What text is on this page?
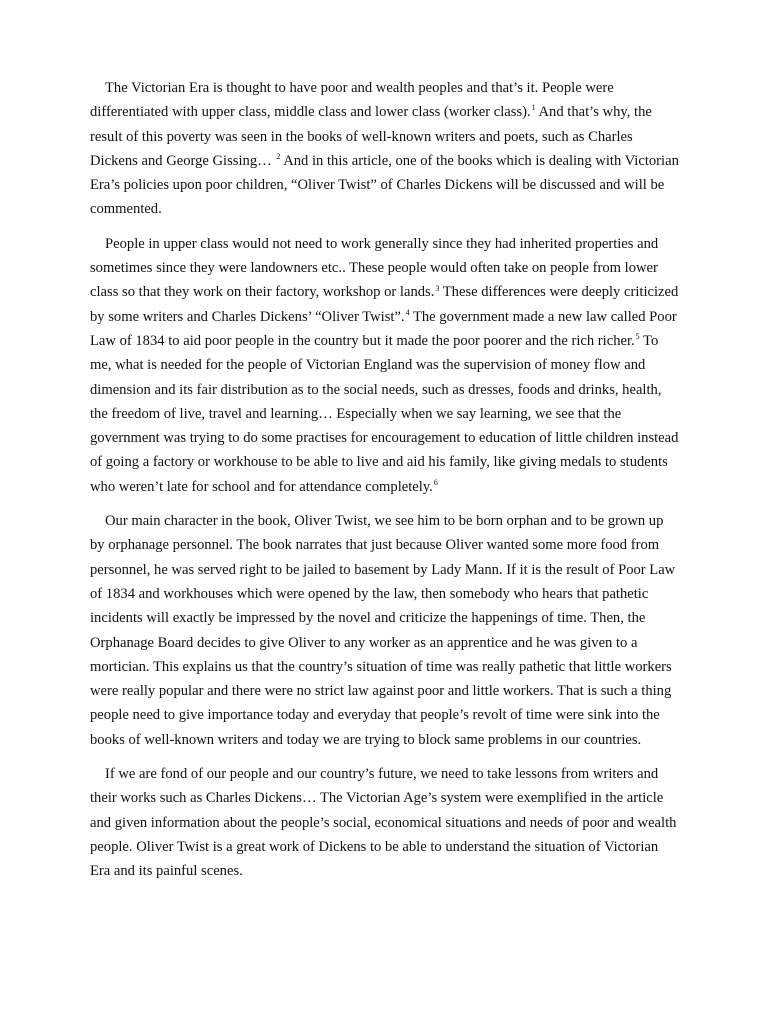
The Victorian Era is thought to have poor and wealth peoples and that’s it. People were differentiated with upper class, middle class and lower class (worker class).$^1$ And that’s why, the result of this poverty was seen in the books of well-known writers and poets, such as Charles Dickens and George Gissing… $^2$ And in this article, one of the books which is dealing with Victorian Era’s policies upon poor children, “Oliver Twist” of Charles Dickens will be discussed and will be commented.

People in upper class would not need to work generally since they had inherited properties and sometimes since they were landowners etc.. These people would often take on people from lower class so that they work on their factory, workshop or lands.$^3$ These differences were deeply criticized by some writers and Charles Dickens’ “Oliver Twist”.$^4$ The government made a new law called Poor Law of 1834 to aid poor people in the country but it made the poor poorer and the rich richer.$^5$ To me, what is needed for the people of Victorian England was the supervision of money flow and dimension and its fair distribution as to the social needs, such as dresses, foods and drinks, health, the freedom of live, travel and learning… Especially when we say learning, we see that the government was trying to do some practises for encouragement to education of little children instead of going a factory or workhouse to be able to live and aid his family, like giving medals to students who weren’t late for school and for attendance completely.$^6$

Our main character in the book, Oliver Twist, we see him to be born orphan and to be grown up by orphanage personnel. The book narrates that just because Oliver wanted some more food from personnel, he was served right to be jailed to basement by Lady Mann. If it is the result of Poor Law of 1834 and workhouses which were opened by the law, then somebody who hears that pathetic incidents will exactly be impressed by the novel and criticize the happenings of time. Then, the Orphanage Board decides to give Oliver to any worker as an apprentice and he was given to a mortician. This explains us that the country’s situation of time was really pathetic that little workers were really popular and there were no strict law against poor and little workers. That is such a thing people need to give importance today and everyday that people’s revolt of time were sink into the books of well-known writers and today we are trying to block same problems in our countries.

If we are fond of our people and our country’s future, we need to take lessons from writers and their works such as Charles Dickens… The Victorian Age’s system were exemplified in the article and given information about the people’s social, economical situations and needs of poor and wealth people. Oliver Twist is a great work of Dickens to be able to understand the situation of Victorian Era and its painful scenes.
